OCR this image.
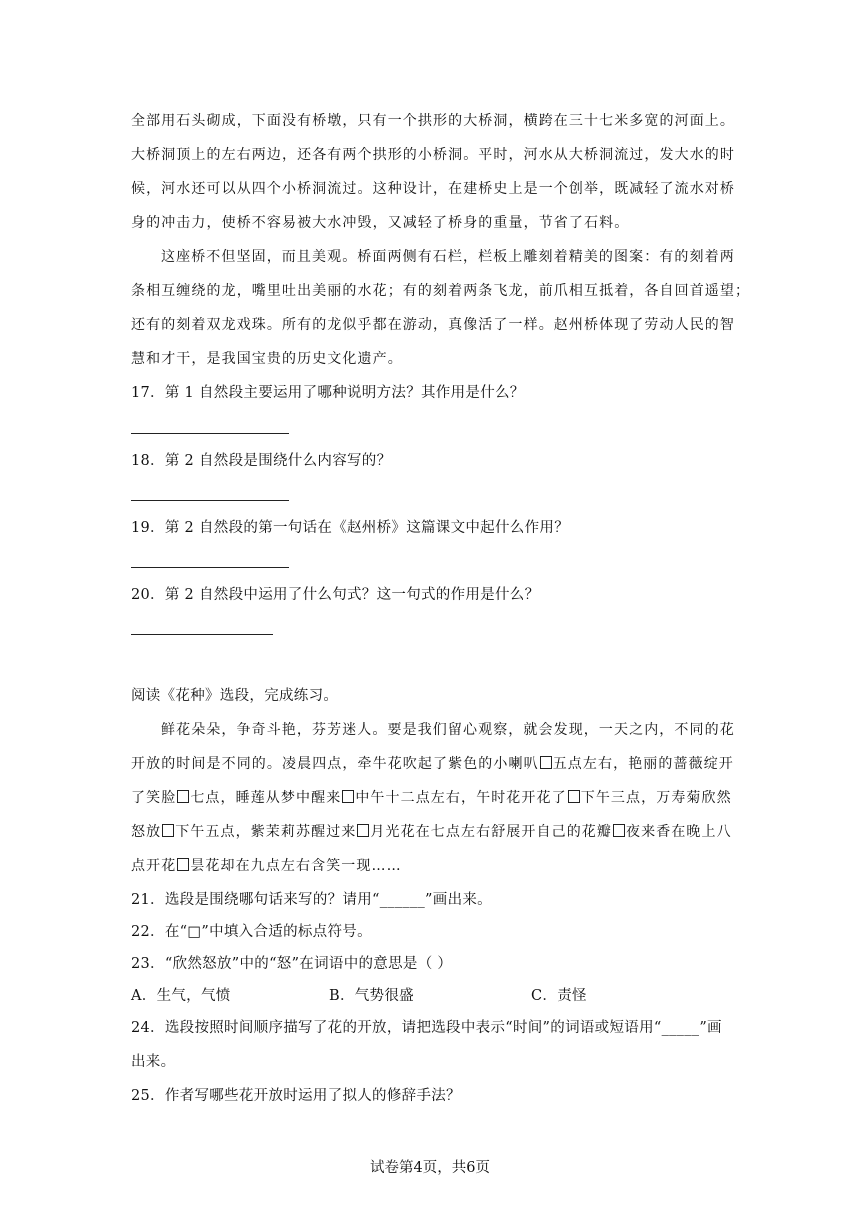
全部用石头砌成，下面没有桥墩，只有一个拱形的大桥洞，横跨在三十七米多宽的河面上。
大桥洞顶上的左右两边，还各有两个拱形的小桥洞。平时，河水从大桥洞流过，发大水的时
候，河水还可以从四个小桥洞流过。这种设计，在建桥史上是一个创举，既减轻了流水对桥
身的冲击力，使桥不容易被大水冲毁，又减轻了桥身的重量，节省了石料。
这座桥不但坚固，而且美观。桥面两侧有石栏，栏板上雕刻着精美的图案：有的刻着两
条相互缠绕的龙，嘴里吐出美丽的水花；有的刻着两条飞龙，前爪相互抵着，各自回首遥望；
还有的刻着双龙戏珠。所有的龙似乎都在游动，真像活了一样。赵州桥体现了劳动人民的智
慧和才干，是我国宝贵的历史文化遗产。
17．第 1 自然段主要运用了哪种说明方法？其作用是什么？
18．第 2 自然段是围绕什么内容写的？
19．第 2 自然段的第一句话在《赵州桥》这篇课文中起什么作用？
20．第 2 自然段中运用了什么句式？这一句式的作用是什么？
阅读《花种》选段，完成练习。
鲜花朵朵，争奇斗艳，芬芳迷人。要是我们留心观察，就会发现，一天之内，不同的花
开放的时间是不同的。凌晨四点，牵牛花吹起了紫色的小喇叭 五点左右，艳丽的蔷薇绽开
了笑脸 七点，睡莲从梦中醒来 中午十二点左右，午时花开花了 下午三点，万寿菊欣然
怒放 下午五点，紫茉莉苏醒过来 月光花在七点左右舒展开自己的花瓣 夜来香在晚上八
点开花 昙花却在九点左右含笑一现……
21．选段是围绕哪句话来写的？请用“______”画出来。
22．在“□”中填入合适的标点符号。
23．“欣然怒放”中的“怒”在词语中的意思是（ ）
A．生气，气愤	B．气势很盛	C．责怪
24．选段按照时间顺序描写了花的开放，请把选段中表示“时间”的词语或短语用“_____”画
出来。
25．作者写哪些花开放时运用了拟人的修辞手法？
试卷第4页，共6页
